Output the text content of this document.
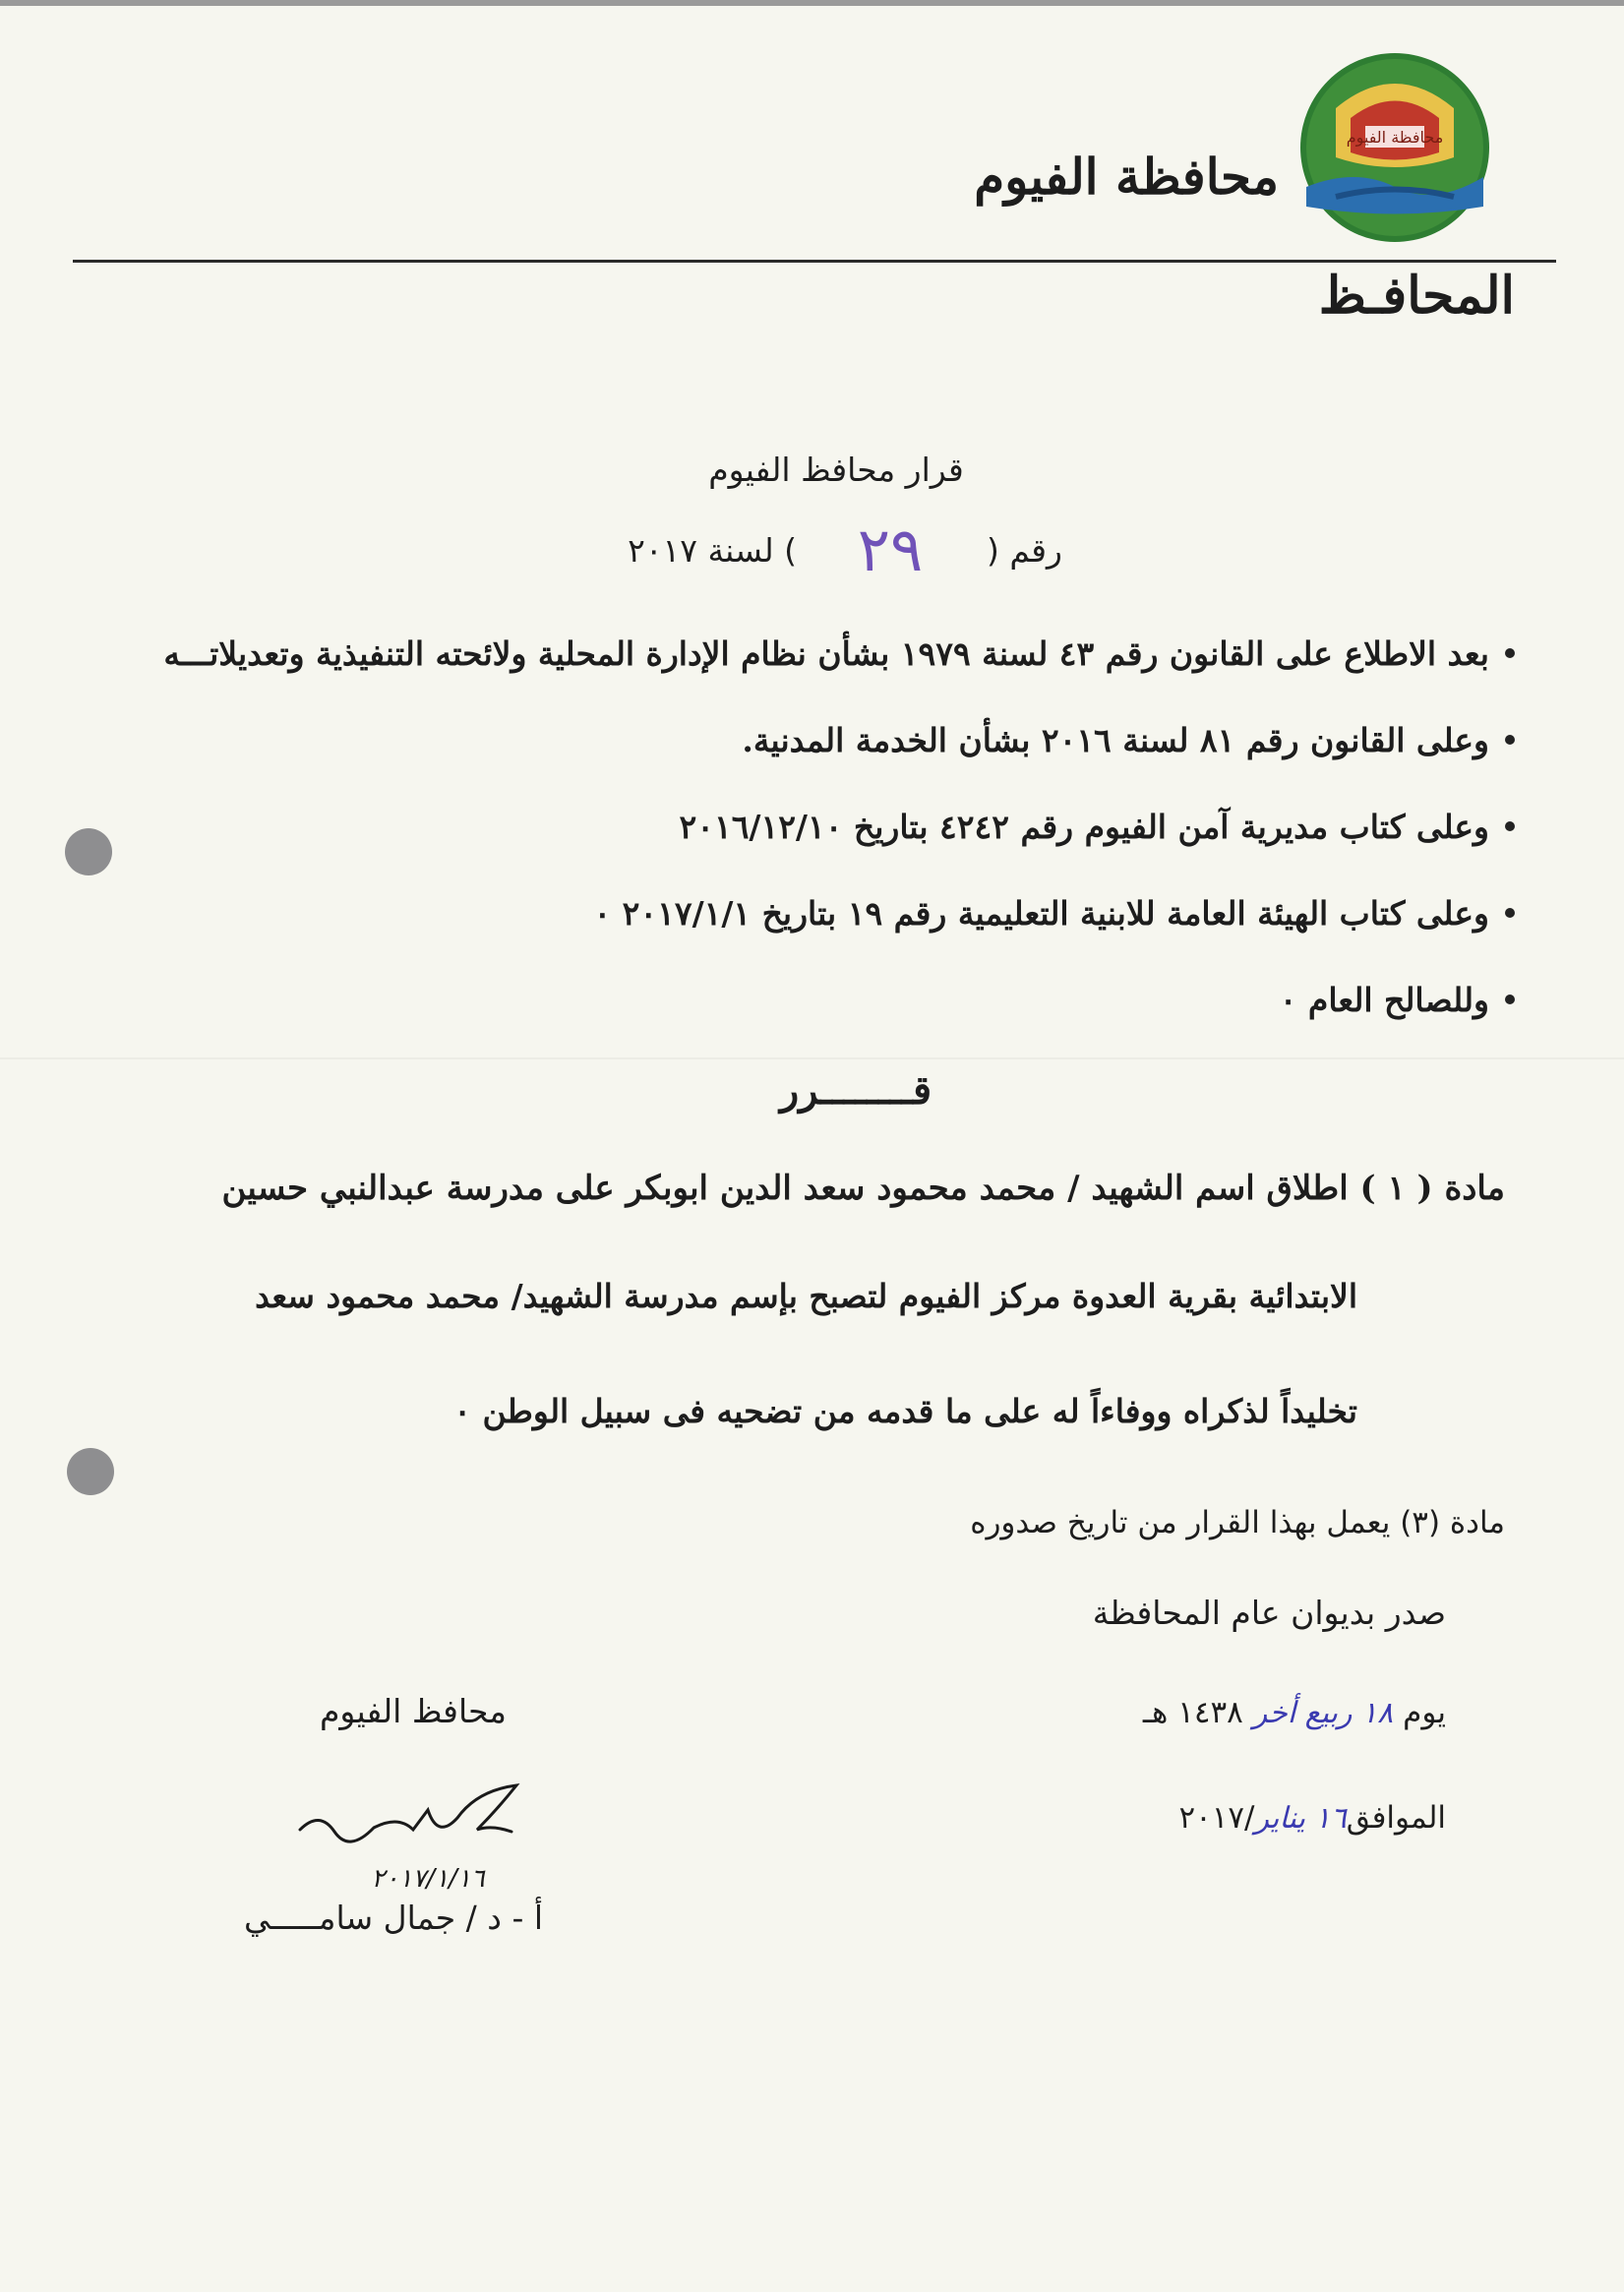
محافظة الفيوم
محافظة الفيوم
المحافـظ
قرار محافظ الفيوم
رقم (
٢٩
) لسنة ٢٠١٧
بعد الاطلاع على القانون رقم ٤٣ لسنة ١٩٧٩ بشأن نظام الإدارة المحلية ولائحته التنفيذية وتعديلاتـــه
وعلى القانون رقم ٨١ لسنة ٢٠١٦ بشأن الخدمة المدنية.
وعلى كتاب مديرية آمن الفيوم رقم ٤٢٤٢ بتاريخ ٢٠١٦/١٢/١٠
وعلى كتاب الهيئة العامة للابنية التعليمية رقم ١٩ بتاريخ ٢٠١٧/١/١ ٠
وللصالح العام ٠
قــــــــرر
مادة ( ١ ) اطلاق اسم الشهيد / محمد محمود سعد الدين ابوبكر على مدرسة عبدالنبي حسين
الابتدائية بقرية العدوة مركز الفيوم لتصبح بإسم مدرسة الشهيد/ محمد محمود سعد
تخليداً لذكراه ووفاءاً له على ما قدمه من تضحيه فى سبيل الوطن ٠
مادة (٣) يعمل بهذا القرار من تاريخ صدوره
صدر بديوان عام المحافظة
يوم ١٨ ربيع أخر ١٤٣٨ هـ
الموافق١٦ يناير/٢٠١٧
محافظ الفيوم
٢٠١٧/١/١٦
أ - د / جمال سامـــــي
